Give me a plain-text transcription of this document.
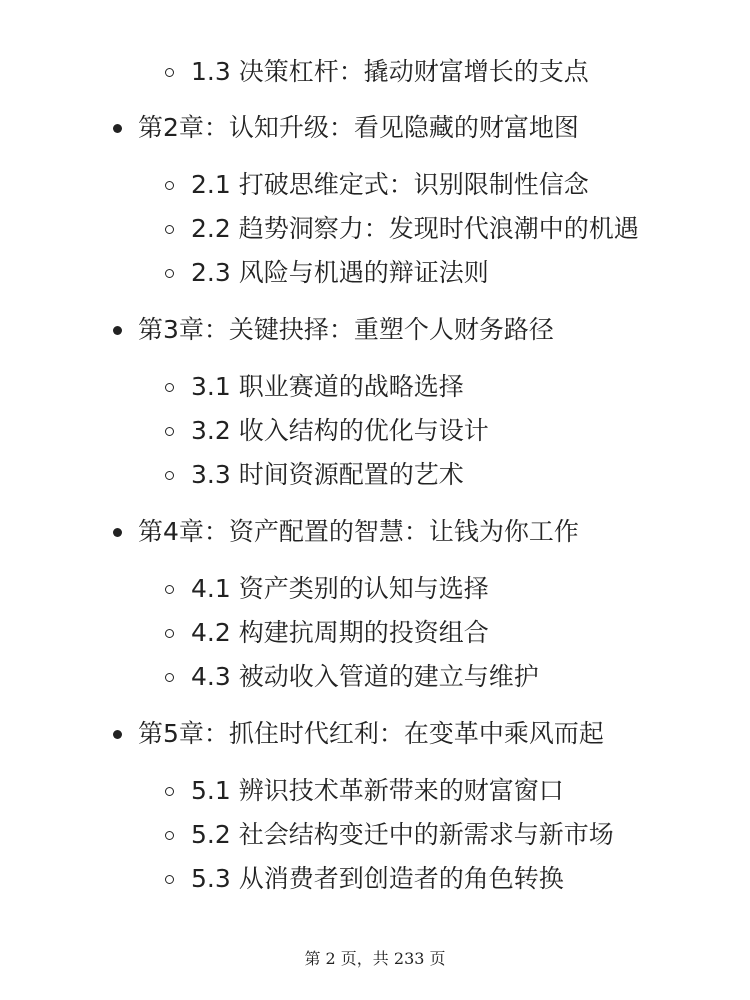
1.3 决策杠杆：撬动财富增长的支点
第2章：认知升级：看见隐藏的财富地图
2.1 打破思维定式：识别限制性信念
2.2 趋势洞察力：发现时代浪潮中的机遇
2.3 风险与机遇的辩证法则
第3章：关键抉择：重塑个人财务路径
3.1 职业赛道的战略选择
3.2 收入结构的优化与设计
3.3 时间资源配置的艺术
第4章：资产配置的智慧：让钱为你工作
4.1 资产类别的认知与选择
4.2 构建抗周期的投资组合
4.3 被动收入管道的建立与维护
第5章：抓住时代红利：在变革中乘风而起
5.1 辨识技术革新带来的财富窗口
5.2 社会结构变迁中的新需求与新市场
5.3 从消费者到创造者的角色转换
第 2 页，共 233 页
